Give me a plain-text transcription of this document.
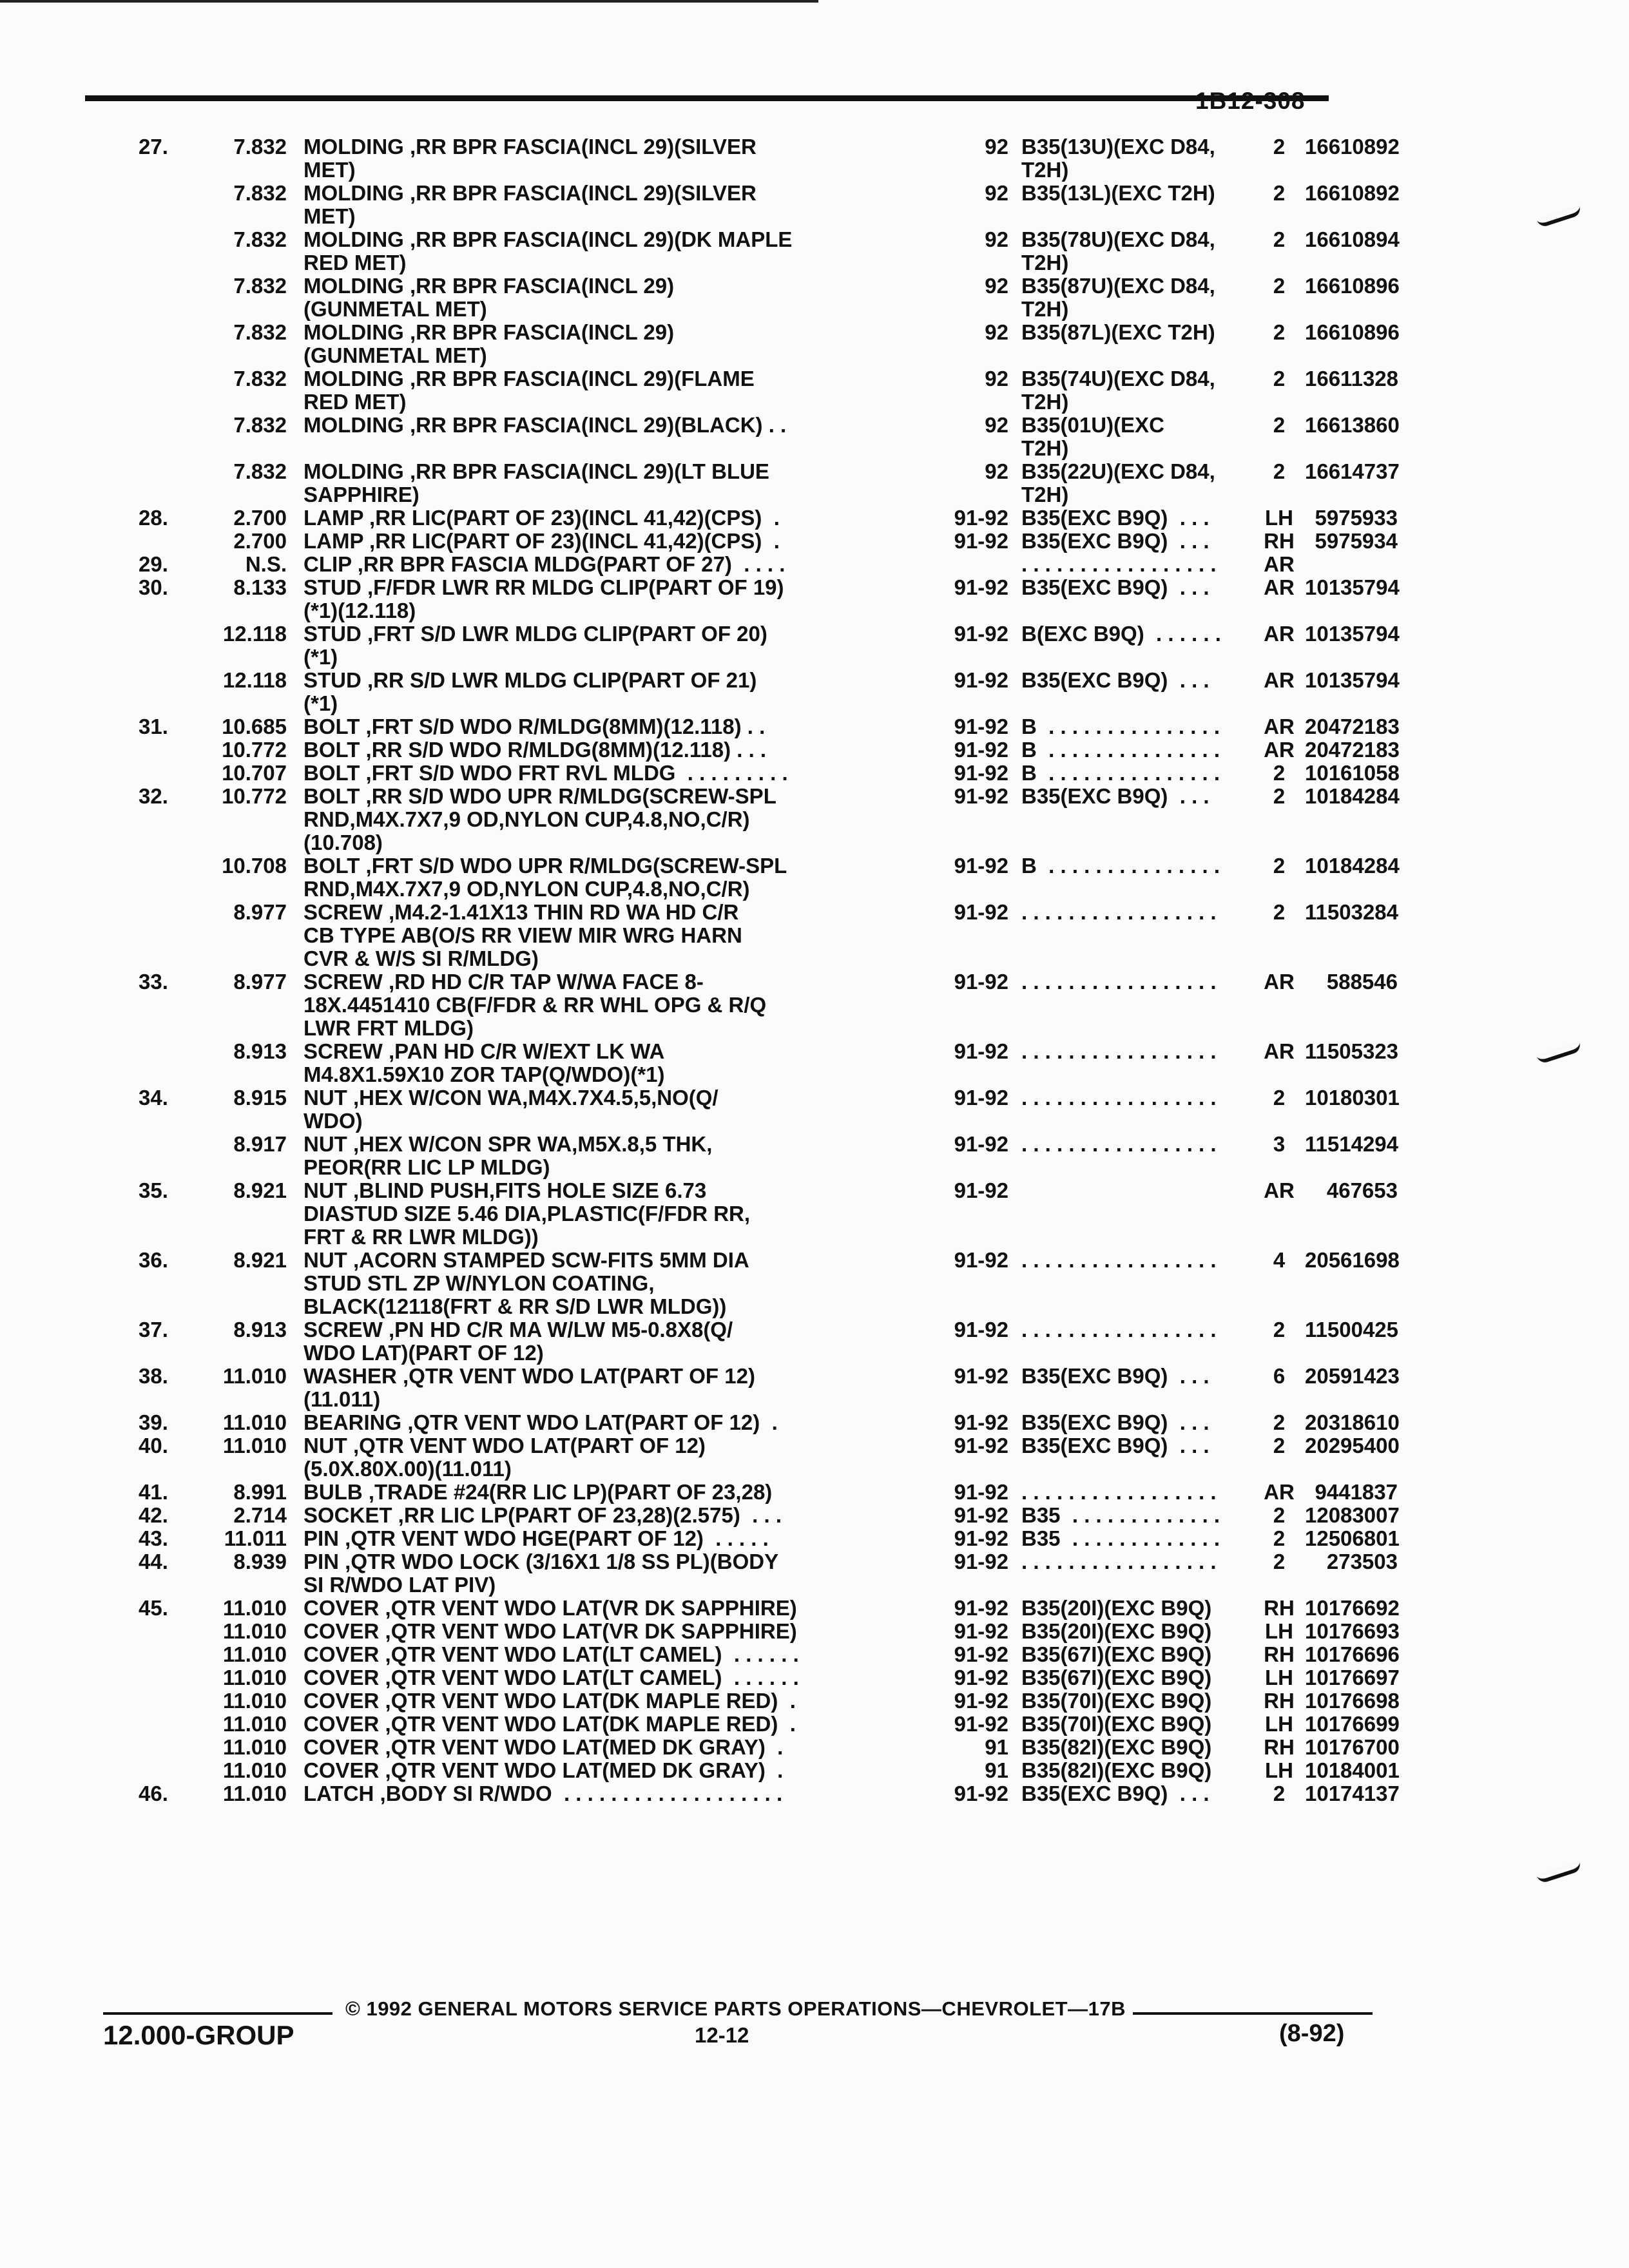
1B12-308
27.	7.832	MOLDING ,RR BPR FASCIA(INCL 29)(SILVER
MET)	92	B35(13U)(EXC D84,
T2H)	2	16610892
	7.832	MOLDING ,RR BPR FASCIA(INCL 29)(SILVER
MET)	92	B35(13L)(EXC T2H)	2	16610892
	7.832	MOLDING ,RR BPR FASCIA(INCL 29)(DK MAPLE
RED MET)	92	B35(78U)(EXC D84,
T2H)	2	16610894
	7.832	MOLDING ,RR BPR FASCIA(INCL 29)
(GUNMETAL MET)	92	B35(87U)(EXC D84,
T2H)	2	16610896
	7.832	MOLDING ,RR BPR FASCIA(INCL 29)
(GUNMETAL MET)	92	B35(87L)(EXC T2H)	2	16610896
	7.832	MOLDING ,RR BPR FASCIA(INCL 29)(FLAME
RED MET)	92	B35(74U)(EXC D84,
T2H)	2	16611328
	7.832	MOLDING ,RR BPR FASCIA(INCL 29)(BLACK) . .	92	B35(01U)(EXC
T2H)	2	16613860
	7.832	MOLDING ,RR BPR FASCIA(INCL 29)(LT BLUE
SAPPHIRE)	92	B35(22U)(EXC D84,
T2H)	2	16614737
28.	2.700	LAMP ,RR LIC(PART OF 23)(INCL 41,42)(CPS)  .	91-92	B35(EXC B9Q)  . . .	LH	5975933
	2.700	LAMP ,RR LIC(PART OF 23)(INCL 41,42)(CPS)  .	91-92	B35(EXC B9Q)  . . .	RH	5975934
29.	N.S.	CLIP ,RR BPR FASCIA MLDG(PART OF 27)  . . . .		. . . . . . . . . . . . . . . . .	AR	
30.	8.133	STUD ,F/FDR LWR RR MLDG CLIP(PART OF 19)
(*1)(12.118)	91-92	B35(EXC B9Q)  . . .	AR	10135794
	12.118	STUD ,FRT S/D LWR MLDG CLIP(PART OF 20)
(*1)	91-92	B(EXC B9Q)  . . . . . .	AR	10135794
	12.118	STUD ,RR S/D LWR MLDG CLIP(PART OF 21)
(*1)	91-92	B35(EXC B9Q)  . . .	AR	10135794
31.	10.685	BOLT ,FRT S/D WDO R/MLDG(8MM)(12.118) . .	91-92	B  . . . . . . . . . . . . . . .	AR	20472183
	10.772	BOLT ,RR S/D WDO R/MLDG(8MM)(12.118) . . .	91-92	B  . . . . . . . . . . . . . . .	AR	20472183
	10.707	BOLT ,FRT S/D WDO FRT RVL MLDG  . . . . . . . . .	91-92	B  . . . . . . . . . . . . . . .	2	10161058
32.	10.772	BOLT ,RR S/D WDO UPR R/MLDG(SCREW-SPL
RND,M4X.7X7,9 OD,NYLON CUP,4.8,NO,C/R)
(10.708)	91-92	B35(EXC B9Q)  . . .	2	10184284
	10.708	BOLT ,FRT S/D WDO UPR R/MLDG(SCREW-SPL
RND,M4X.7X7,9 OD,NYLON CUP,4.8,NO,C/R)	91-92	B  . . . . . . . . . . . . . . .	2	10184284
	8.977	SCREW ,M4.2-1.41X13 THIN RD WA HD C/R
CB TYPE AB(O/S RR VIEW MIR WRG HARN
CVR & W/S SI R/MLDG)	91-92	. . . . . . . . . . . . . . . . .	2	11503284
33.	8.977	SCREW ,RD HD C/R TAP W/WA FACE 8-
18X.4451410 CB(F/FDR & RR WHL OPG & R/Q
LWR FRT MLDG)	91-92	. . . . . . . . . . . . . . . . .	AR	588546
	8.913	SCREW ,PAN HD C/R W/EXT LK WA
M4.8X1.59X10 ZOR TAP(Q/WDO)(*1)	91-92	. . . . . . . . . . . . . . . . .	AR	11505323
34.	8.915	NUT ,HEX W/CON WA,M4X.7X4.5,5,NO(Q/
WDO)	91-92	. . . . . . . . . . . . . . . . .	2	10180301
	8.917	NUT ,HEX W/CON SPR WA,M5X.8,5 THK,
PEOR(RR LIC LP MLDG)	91-92	. . . . . . . . . . . . . . . . .	3	11514294
35.	8.921	NUT ,BLIND PUSH,FITS HOLE SIZE 6.73
DIASTUD SIZE 5.46 DIA,PLASTIC(F/FDR RR,
FRT & RR LWR MLDG))	91-92		AR	467653
36.	8.921	NUT ,ACORN STAMPED SCW-FITS 5MM DIA
STUD STL ZP W/NYLON COATING,
BLACK(12118(FRT & RR S/D LWR MLDG))	91-92	. . . . . . . . . . . . . . . . .	4	20561698
37.	8.913	SCREW ,PN HD C/R MA W/LW M5-0.8X8(Q/
WDO LAT)(PART OF 12)	91-92	. . . . . . . . . . . . . . . . .	2	11500425
38.	11.010	WASHER ,QTR VENT WDO LAT(PART OF 12)
(11.011)	91-92	B35(EXC B9Q)  . . .	6	20591423
39.	11.010	BEARING ,QTR VENT WDO LAT(PART OF 12)  .	91-92	B35(EXC B9Q)  . . .	2	20318610
40.	11.010	NUT ,QTR VENT WDO LAT(PART OF 12)
(5.0X.80X.00)(11.011)	91-92	B35(EXC B9Q)  . . .	2	20295400
41.	8.991	BULB ,TRADE #24(RR LIC LP)(PART OF 23,28)	91-92	. . . . . . . . . . . . . . . . .	AR	9441837
42.	2.714	SOCKET ,RR LIC LP(PART OF 23,28)(2.575)  . . .	91-92	B35  . . . . . . . . . . . . .	2	12083007
43.	11.011	PIN ,QTR VENT WDO HGE(PART OF 12)  . . . . .	91-92	B35  . . . . . . . . . . . . .	2	12506801
44.	8.939	PIN ,QTR WDO LOCK (3/16X1 1/8 SS PL)(BODY
SI R/WDO LAT PIV)	91-92	. . . . . . . . . . . . . . . . .	2	273503
45.	11.010	COVER ,QTR VENT WDO LAT(VR DK SAPPHIRE)	91-92	B35(20I)(EXC B9Q)	RH	10176692
	11.010	COVER ,QTR VENT WDO LAT(VR DK SAPPHIRE)	91-92	B35(20I)(EXC B9Q)	LH	10176693
	11.010	COVER ,QTR VENT WDO LAT(LT CAMEL)  . . . . . .	91-92	B35(67I)(EXC B9Q)	RH	10176696
	11.010	COVER ,QTR VENT WDO LAT(LT CAMEL)  . . . . . .	91-92	B35(67I)(EXC B9Q)	LH	10176697
	11.010	COVER ,QTR VENT WDO LAT(DK MAPLE RED)  .	91-92	B35(70I)(EXC B9Q)	RH	10176698
	11.010	COVER ,QTR VENT WDO LAT(DK MAPLE RED)  .	91-92	B35(70I)(EXC B9Q)	LH	10176699
	11.010	COVER ,QTR VENT WDO LAT(MED DK GRAY)  .	91	B35(82I)(EXC B9Q)	RH	10176700
	11.010	COVER ,QTR VENT WDO LAT(MED DK GRAY)  .	91	B35(82I)(EXC B9Q)	LH	10184001
46.	11.010	LATCH ,BODY SI R/WDO  . . . . . . . . . . . . . . . . . . .	91-92	B35(EXC B9Q)  . . .	2	10174137
© 1992 GENERAL MOTORS SERVICE PARTS OPERATIONS—CHEVROLET—17B
12.000-GROUP	12-12	(8-92)
